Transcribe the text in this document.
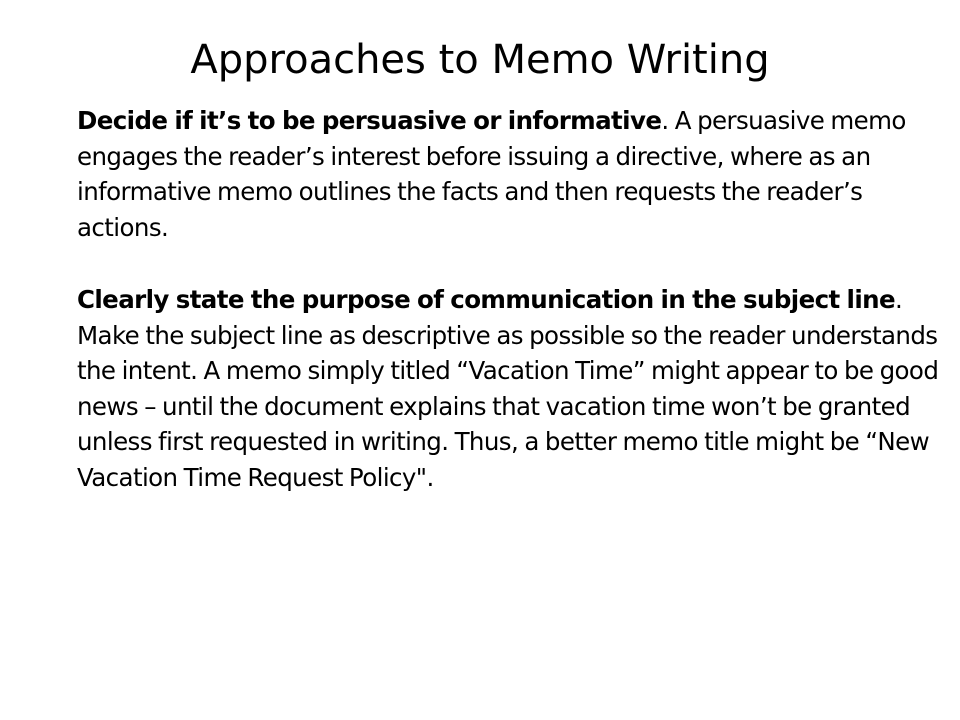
Approaches to Memo Writing

Decide if it’s to be persuasive or informative. A persuasive memo engages the reader’s interest before issuing a directive, where as an informative memo outlines the facts and then requests the reader’s actions.

Clearly state the purpose of communication in the subject line. Make the subject line as descriptive as possible so the reader understands the intent. A memo simply titled “Vacation Time” might appear to be good news – until the document explains that vacation time won’t be granted unless first requested in writing. Thus, a better memo title might be “New Vacation Time Request Policy".
